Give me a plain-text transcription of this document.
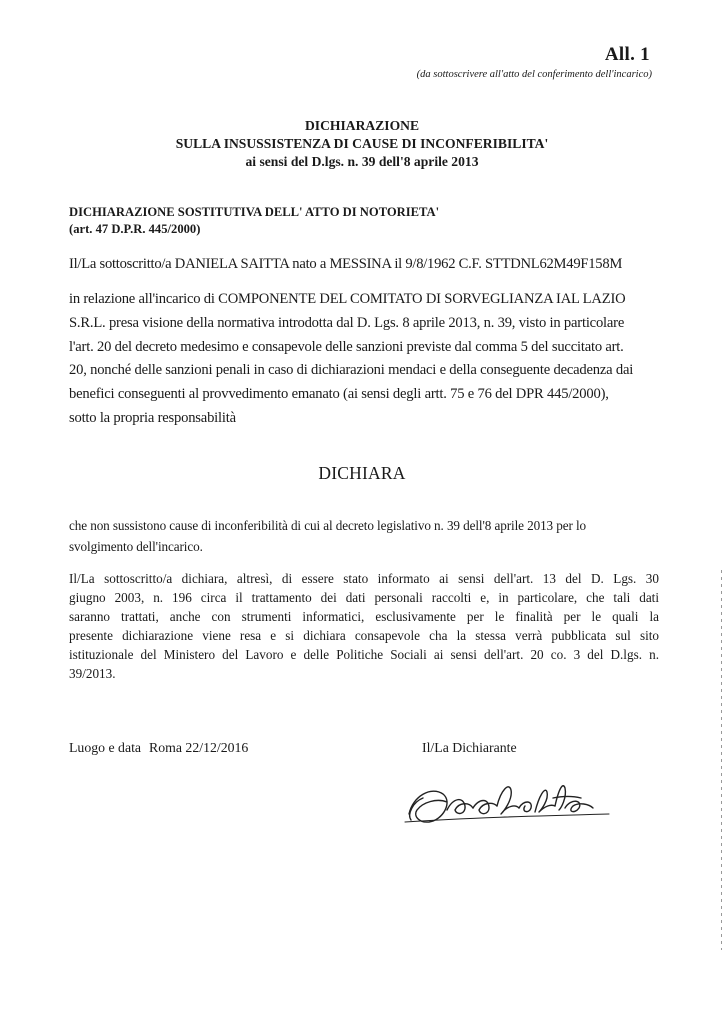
All. 1
(da sottoscrivere all'atto del conferimento dell'incarico)
DICHIARAZIONE
SULLA INSUSSISTENZA DI CAUSE DI INCONFERIBILITA'
ai sensi del D.lgs. n. 39 dell'8 aprile 2013
DICHIARAZIONE SOSTITUTIVA DELL' ATTO DI NOTORIETA'
(art. 47 D.P.R. 445/2000)
Il/La sottoscritto/a DANIELA SAITTA nato a MESSINA il 9/8/1962 C.F. STTDNL62M49F158M
in relazione all'incarico di COMPONENTE DEL COMITATO DI SORVEGLIANZA IAL LAZIO
S.R.L. presa visione della normativa introdotta dal D. Lgs. 8 aprile 2013, n. 39, visto in particolare
l'art. 20 del decreto medesimo e consapevole delle sanzioni previste dal comma 5 del succitato art.
20, nonché delle sanzioni penali in caso di dichiarazioni mendaci e della conseguente decadenza dai
benefici conseguenti al provvedimento emanato (ai sensi degli artt. 75 e 76 del DPR 445/2000),
sotto la propria responsabilità
DICHIARA
che non sussistono cause di inconferibilità di cui al decreto legislativo n. 39 dell'8 aprile 2013 per lo
svolgimento dell'incarico.
Il/La sottoscritto/a dichiara, altresì, di essere stato informato ai sensi dell'art. 13 del D. Lgs. 30
giugno 2003, n. 196 circa il trattamento dei dati personali raccolti e, in particolare, che tali dati
saranno trattati, anche con strumenti informatici, esclusivamente per le finalità per le quali la
presente dichiarazione viene resa e si dichiara consapevole cha la stessa verrà pubblicata sul sito
istituzionale del Ministero del Lavoro e delle Politiche Sociali ai sensi dell'art. 20 co. 3 del D.lgs. n.
39/2013.
Luogo e data Roma 22/12/2016	Il/La Dichiarante
